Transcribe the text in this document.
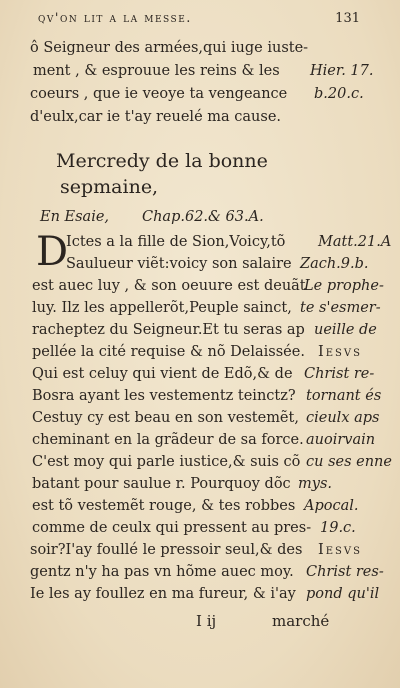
qv'on lit a la messe.	131
ô Seigneur des armées,qui iuge iuste-
ment , & esprouue les reins & les Hier. 17.
coeurs , que ie veoye ta vengeance b.20.c.
d'eulx,car ie t'ay reuelé ma cause.
Mercredy de la bonne
sepmaine,
En Esaie, Chap.62.& 63.A.
D
Ictes a la fille de Sion,Voicy,tõ Matt.21.A
Saulueur viẽt:voicy son salaire Zach.9.b.
est auec luy , & son oeuure est deuãt
Le prophe-
luy. Ilz les appellerõt,Peuple sainct, te s'esmer-
racheptez du Seigneur.Et tu seras ap ueille de
pellée la cité requise & nõ Delaissée. Iesvs
Qui est celuy qui vient de Edõ,& de Christ re-
Bosra ayant les vestementz teinctz? tornant és
Cestuy cy est beau en son vestemẽt, cieulx aps
cheminant en la grãdeur de sa force. auoirvain
C'est moy qui parle iustice,& suis cõ cu ses enne
batant pour saulue r. Pourquoy dõc mys.
est tõ vestemẽt rouge, & tes robbes Apocal.
comme de ceulx qui pressent au pres- 19.c.
soir?I'ay foullé le pressoir seul,& des Iesvs
gentz n'y ha pas vn hõme auec moy. Christ res-
Ie les ay foullez en ma fureur, & i'ay pond qu'il
I ij	marché
